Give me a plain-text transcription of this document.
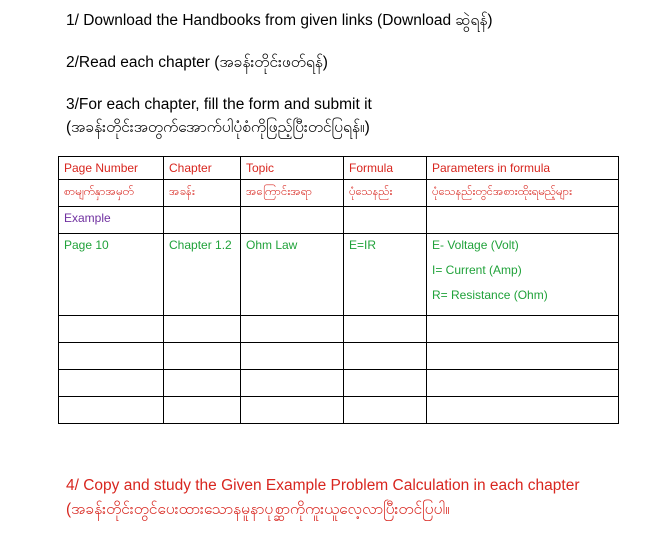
1/ Download the Handbooks from given links (Download ဆွဲရန်)
2/Read each chapter (အခန်းတိုင်းဖတ်ရန်)
3/For each chapter, fill the form and submit it
(အခန်းတိုင်းအတွက်အောက်ပါပုံစံကိုဖြည့်ပြီးတင်ပြရန်။)
Page Number	Chapter	Topic	Formula	Parameters in formula
စာမျက်နှာအမှတ်	အခန်း	အကြောင်းအရာ	ပုံသေနည်း	ပုံသေနည်းတွင်အစားထိုးရမည့်များ
Example				
Page 10	Chapter 1.2	Ohm Law	E=IR	E- Voltage (Volt)
I= Current (Amp)
R= Resistance (Ohm)

4/ Copy and study the Given Example Problem Calculation in each chapter
(အခန်းတိုင်းတွင်ပေးထားသောနမူနာပုစ္ဆာကိုကူးယူလေ့လာပြီးတင်ပြပါ။
